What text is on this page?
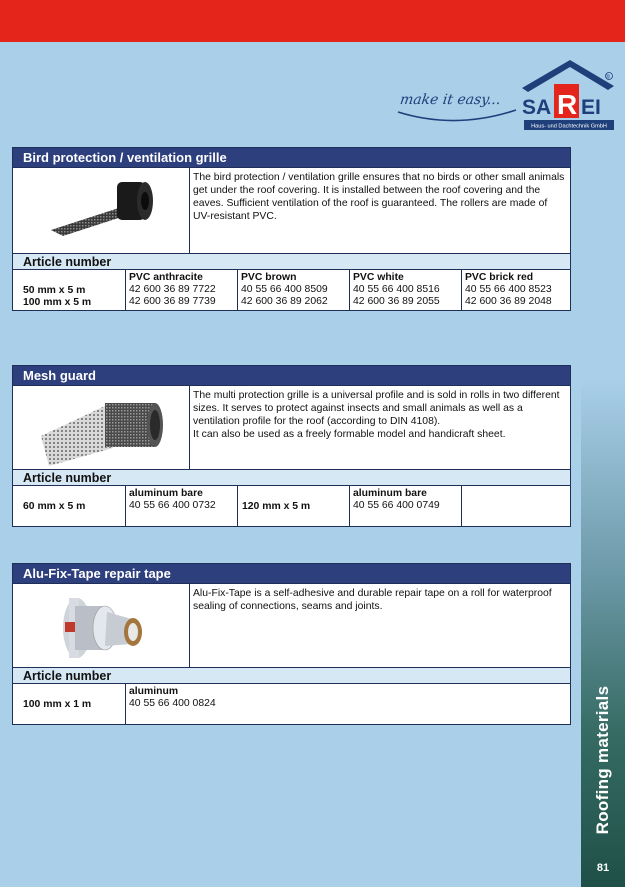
Roofing materials
81
make it easy... SA R EI
®
Haus- und Dachtechnik GmbH
Bird protection / ventilation grille
The bird protection / ventilation grille ensures that no birds or other small animals get under the roof covering. It is installed between the roof covering and the eaves. Sufficient ventilation of the roof is guaranteed. The rollers are made of UV-resistant PVC.
Article number
50 mm x 5 m
100 mm x 5 m
PVC anthracite
42 600 36 89 7722
42 600 36 89 7739
PVC brown
40 55 66 400 8509
42 600 36 89 2062
PVC white
40 55 66 400 8516
42 600 36 89 2055
PVC brick red
40 55 66 400 8523
42 600 36 89 2048
Mesh guard
The multi protection grille is a universal profile and is sold in rolls in two different sizes. It serves to protect against insects and small animals as well as a ventilation profile for the roof (according to DIN 4108).
It can also be used as a freely formable model and handicraft sheet.
Article number
60 mm x 5 m
aluminum bare
40 55 66 400 0732	120 mm x 5 m
aluminum bare
40 55 66 400 0749
Alu-Fix-Tape repair tape
Alu-Fix-Tape is a self-adhesive and durable repair tape on a roll for waterproof sealing of connections, seams and joints.
Article number
100 mm x 1 m
aluminum
40 55 66 400 0824
